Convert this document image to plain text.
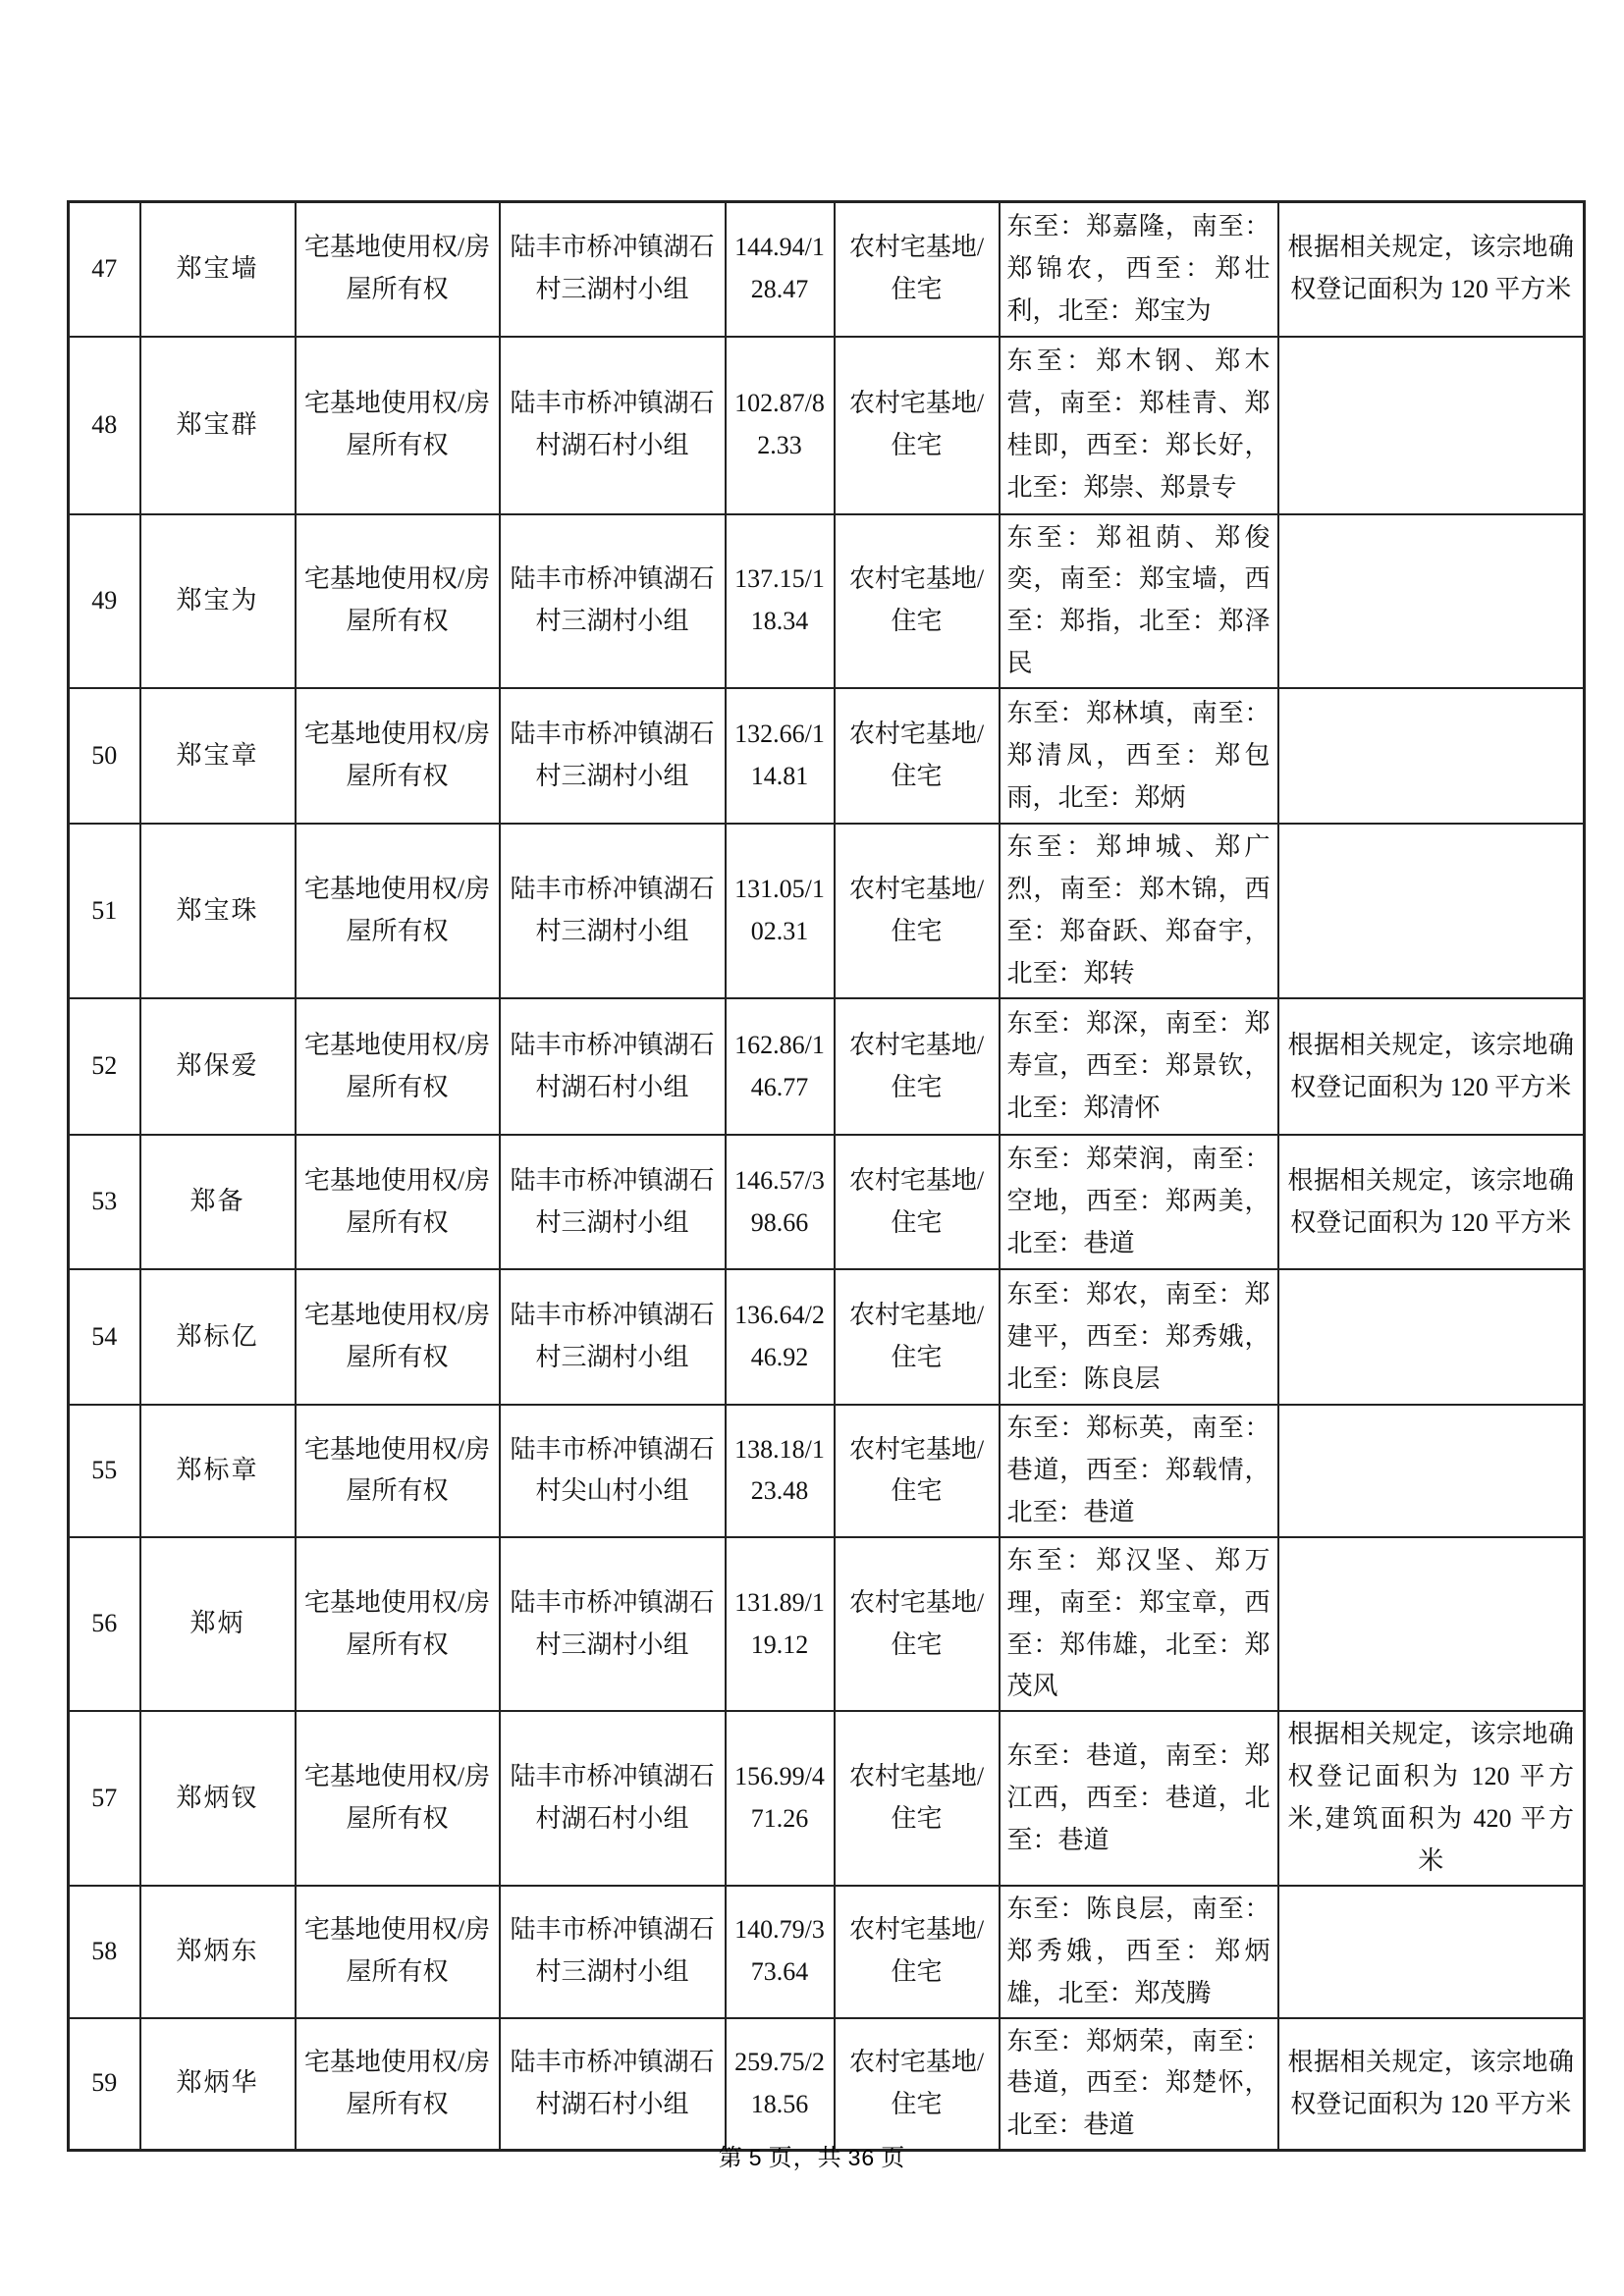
47	郑宝墙	宅基地使用权/房屋所有权	陆丰市桥冲镇湖石村三湖村小组	144.94/128.47	农村宅基地/住宅	东至：郑嘉隆，南至：郑锦农，西至：郑壮利，北至：郑宝为	根据相关规定，该宗地确权登记面积为 120 平方米
48	郑宝群	宅基地使用权/房屋所有权	陆丰市桥冲镇湖石村湖石村小组	102.87/82.33	农村宅基地/住宅	东至：郑木钢、郑木营，南至：郑桂青、郑桂即，西至：郑长好，北至：郑崇、郑景专	
49	郑宝为	宅基地使用权/房屋所有权	陆丰市桥冲镇湖石村三湖村小组	137.15/118.34	农村宅基地/住宅	东至：郑祖荫、郑俊奕，南至：郑宝墙，西至：郑指，北至：郑泽民	
50	郑宝章	宅基地使用权/房屋所有权	陆丰市桥冲镇湖石村三湖村小组	132.66/114.81	农村宅基地/住宅	东至：郑林填，南至：郑清凤，西至：郑包雨，北至：郑炳	
51	郑宝珠	宅基地使用权/房屋所有权	陆丰市桥冲镇湖石村三湖村小组	131.05/102.31	农村宅基地/住宅	东至：郑坤城、郑广烈，南至：郑木锦，西至：郑奋跃、郑奋宇，北至：郑转	
52	郑保爱	宅基地使用权/房屋所有权	陆丰市桥冲镇湖石村湖石村小组	162.86/146.77	农村宅基地/住宅	东至：郑深，南至：郑寿宣，西至：郑景钦，北至：郑清怀	根据相关规定，该宗地确权登记面积为 120 平方米
53	郑备	宅基地使用权/房屋所有权	陆丰市桥冲镇湖石村三湖村小组	146.57/398.66	农村宅基地/住宅	东至：郑荣润，南至：空地，西至：郑两美，北至：巷道	根据相关规定，该宗地确权登记面积为 120 平方米
54	郑标亿	宅基地使用权/房屋所有权	陆丰市桥冲镇湖石村三湖村小组	136.64/246.92	农村宅基地/住宅	东至：郑农，南至：郑建平，西至：郑秀娥，北至：陈良层	
55	郑标章	宅基地使用权/房屋所有权	陆丰市桥冲镇湖石村尖山村小组	138.18/123.48	农村宅基地/住宅	东至：郑标英，南至：巷道，西至：郑载情，北至：巷道	
56	郑炳	宅基地使用权/房屋所有权	陆丰市桥冲镇湖石村三湖村小组	131.89/119.12	农村宅基地/住宅	东至：郑汉坚、郑万理，南至：郑宝章，西至：郑伟雄，北至：郑茂风	
57	郑炳钗	宅基地使用权/房屋所有权	陆丰市桥冲镇湖石村湖石村小组	156.99/471.26	农村宅基地/住宅	东至：巷道，南至：郑江西，西至：巷道，北至：巷道	根据相关规定，该宗地确权登记面积为 120 平方米,建筑面积为 420 平方米
58	郑炳东	宅基地使用权/房屋所有权	陆丰市桥冲镇湖石村三湖村小组	140.79/373.64	农村宅基地/住宅	东至：陈良层，南至：郑秀娥，西至：郑炳雄，北至：郑茂腾	
59	郑炳华	宅基地使用权/房屋所有权	陆丰市桥冲镇湖石村湖石村小组	259.75/218.56	农村宅基地/住宅	东至：郑炳荣，南至：巷道，西至：郑楚怀，北至：巷道	根据相关规定，该宗地确权登记面积为 120 平方米
第 5 页，共 36 页
